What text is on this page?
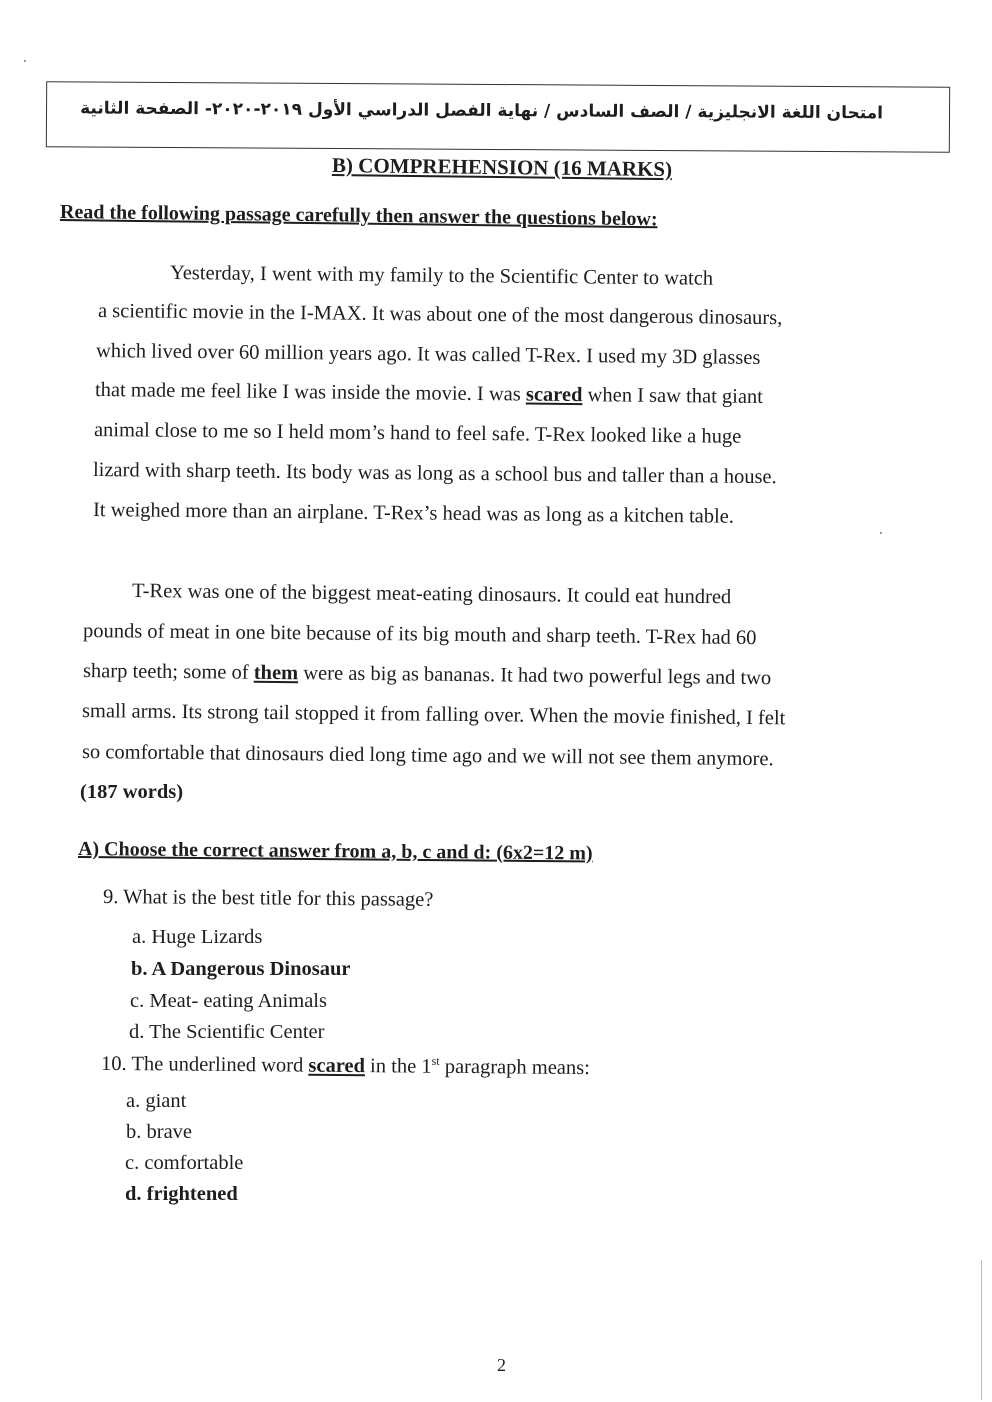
امتحان اللغة الانجليزية / الصف السادس / نهاية الفصل الدراسي الأول ٢٠١٩-٢٠٢٠- الصفحة الثانية
B) COMPREHENSION (16 MARKS)
Read the following passage carefully then answer the questions below:
Yesterday, I went with my family to the Scientific Center to watch
a scientific movie in the I-MAX. It was about one of the most dangerous dinosaurs,
which lived over 60 million years ago. It was called T-Rex. I used my 3D glasses
that made me feel like I was inside the movie. I was scared when I saw that giant
animal close to me so I held mom’s hand to feel safe. T-Rex looked like a huge
lizard with sharp teeth. Its body was as long as a school bus and taller than a house.
It weighed more than an airplane. T-Rex’s head was as long as a kitchen table.
T-Rex was one of the biggest meat-eating dinosaurs. It could eat hundred
pounds of meat in one bite because of its big mouth and sharp teeth. T-Rex had 60
sharp teeth; some of them were as big as bananas. It had two powerful legs and two
small arms. Its strong tail stopped it from falling over. When the movie finished, I felt
so comfortable that dinosaurs died long time ago and we will not see them anymore.
(187 words)
A) Choose the correct answer from a, b, c and d: (6x2=12 m)
9. What is the best title for this passage?
a. Huge Lizards
b. A Dangerous Dinosaur
c. Meat- eating Animals
d. The Scientific Center
10. The underlined word scared in the 1st paragraph means:
a. giant
b. brave
c. comfortable
d. frightened
2
